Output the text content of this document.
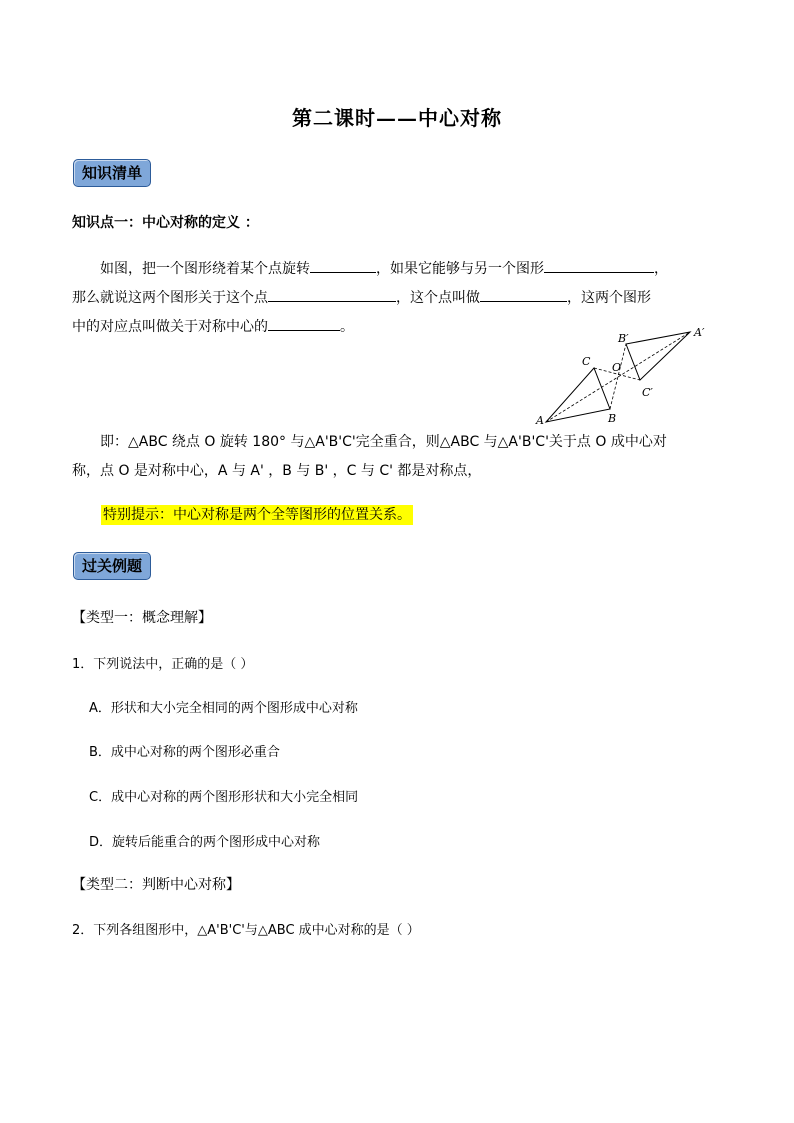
第二课时——中心对称
知识清单
知识点一：中心对称的定义 ：
如图，把一个图形绕着某个点旋转	，如果它能够与另一个图形	，
那么就说这两个图形关于这个点	，这个点叫做	，这两个图形
中的对应点叫做关于对称中心的	。
A	B
C O
A′
B′
C′
即：△ABC 绕点 O 旋转 180° 与△A'B'C'完全重合，则△ABC 与△A'B'C'关于点 O 成中心对
称，点 O 是对称中心，A 与 A' ，B 与 B' ，C 与 C' 都是对称点，
特别提示：中心对称是两个全等图形的位置关系。
过关例题
【类型一：概念理解】
1．下列说法中，正确的是（ ）
A．形状和大小完全相同的两个图形成中心对称
B．成中心对称的两个图形必重合
C．成中心对称的两个图形形状和大小完全相同
D．旋转后能重合的两个图形成中心对称
【类型二：判断中心对称】
2．下列各组图形中，△A'B'C'与△ABC 成中心对称的是（ ）
